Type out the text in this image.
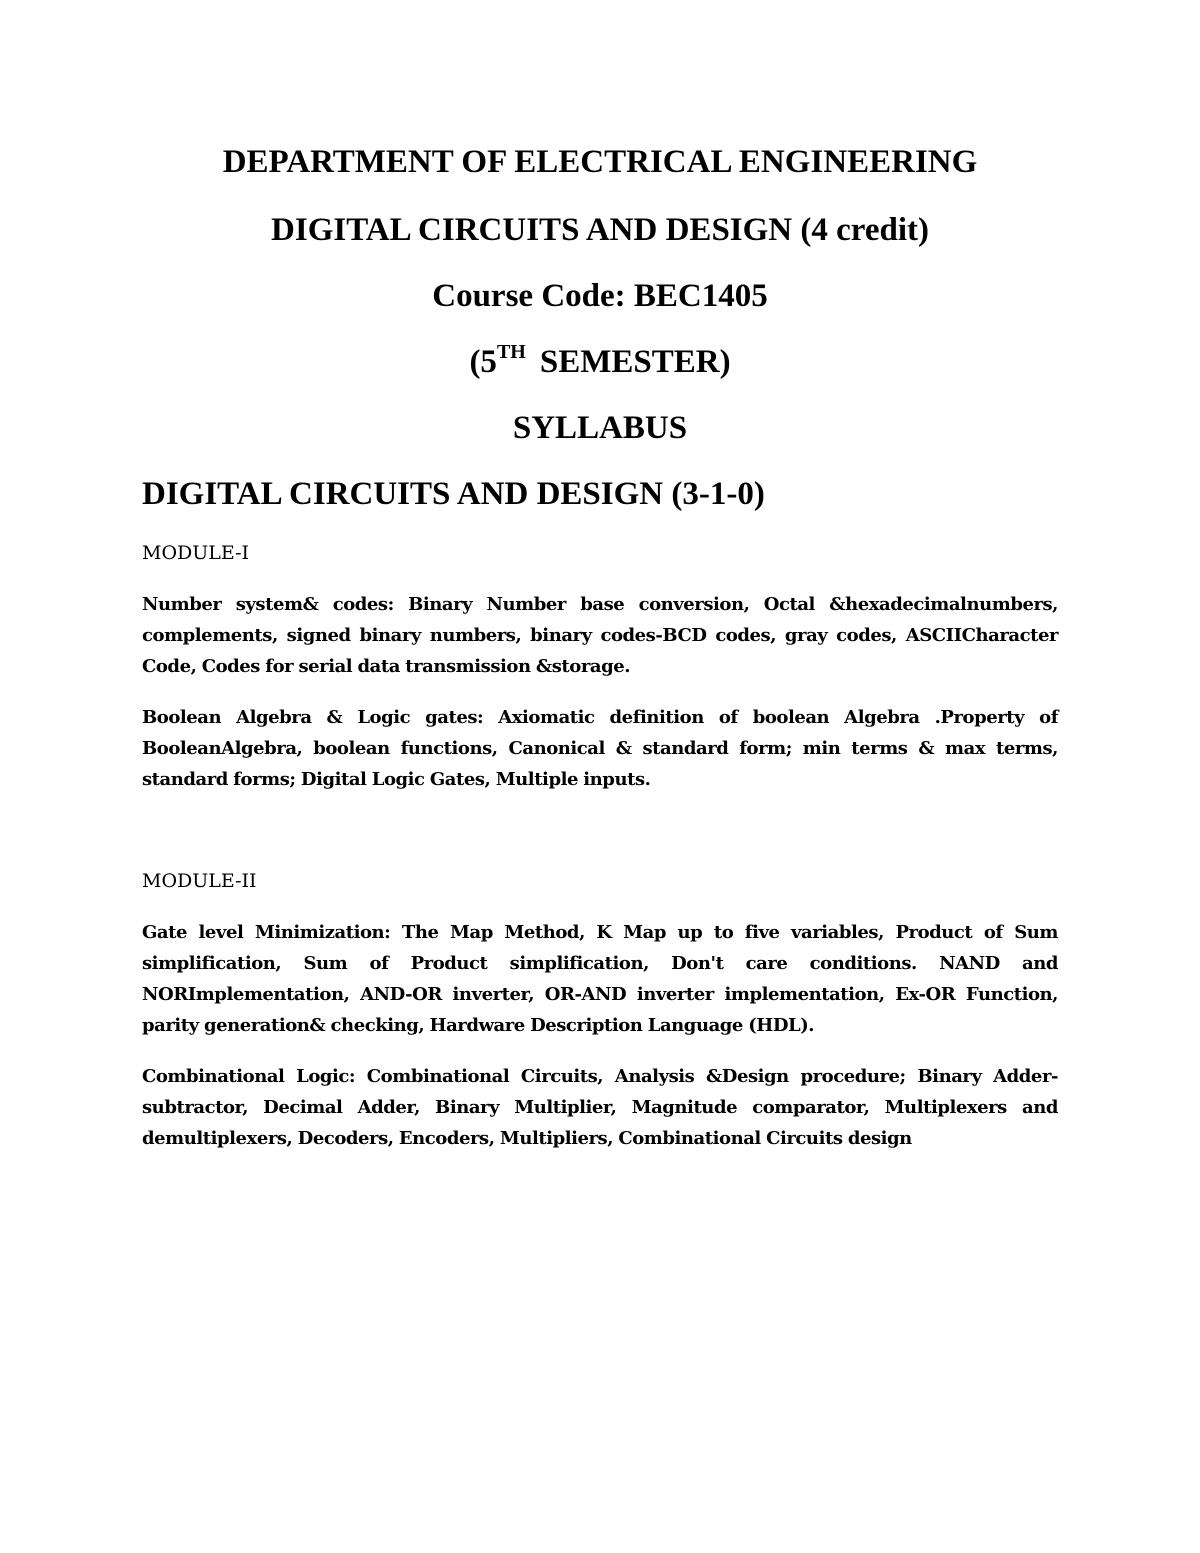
DEPARTMENT OF ELECTRICAL ENGINEERING
DIGITAL CIRCUITS AND DESIGN (4 credit)
Course Code: BEC1405
(5TH SEMESTER)
SYLLABUS
DIGITAL CIRCUITS AND DESIGN (3-1-0)
MODULE-I
Number system& codes: Binary Number base conversion, Octal &hexadecimalnumbers, complements, signed binary numbers, binary codes-BCD codes, gray codes, ASCIICharacter Code, Codes for serial data transmission &storage.
Boolean Algebra & Logic gates: Axiomatic definition of boolean Algebra .Property of BooleanAlgebra, boolean functions, Canonical & standard form; min terms & max terms, standard forms; Digital Logic Gates, Multiple inputs.
MODULE-II
Gate level Minimization: The Map Method, K Map up to five variables, Product of Sum simplification, Sum of Product simplification, Don't care conditions. NAND and NORImplementation, AND-OR inverter, OR-AND inverter implementation, Ex-OR Function, parity generation& checking, Hardware Description Language (HDL).
Combinational Logic: Combinational Circuits, Analysis &Design procedure; Binary Adder-subtractor, Decimal Adder, Binary Multiplier, Magnitude comparator, Multiplexers and demultiplexers, Decoders, Encoders, Multipliers, Combinational Circuits design
